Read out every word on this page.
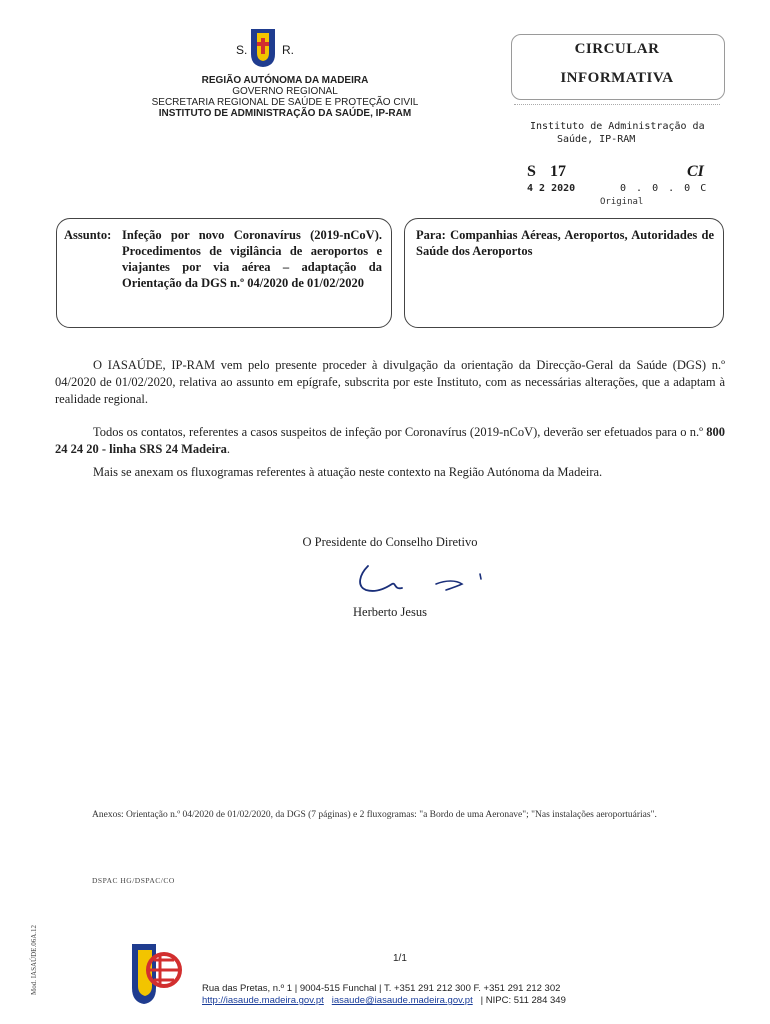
S.	R.
REGIÃO AUTÓNOMA DA MADEIRA
GOVERNO REGIONAL
SECRETARIA REGIONAL DE SAÚDE E PROTEÇÃO CIVIL
INSTITUTO DE ADMINISTRAÇÃO DA SAÚDE, IP-RAM
CIRCULAR
INFORMATIVA
Instituto de Administração da
Saúde, IP-RAM
S 17	CI
4 2 2020	0 . 0 . 0 C
Original
Assunto: Infeção por novo Coronavírus (2019-nCoV). Procedimentos de vigilância de aeroportos e viajantes por via aérea – adaptação da Orientação da DGS n.º 04/2020 de 01/02/2020
Para: Companhias Aéreas, Aeroportos, Autoridades de Saúde dos Aeroportos
O IASAÚDE, IP-RAM vem pelo presente proceder à divulgação da orientação da Direcção-Geral da Saúde (DGS) n.º 04/2020 de 01/02/2020, relativa ao assunto em epígrafe, subscrita por este Instituto, com as necessárias alterações, que a adaptam à realidade regional.
Todos os contatos, referentes a casos suspeitos de infeção por Coronavírus (2019-nCoV), deverão ser efetuados para o n.º 800 24 24 20 - linha SRS 24 Madeira.
Mais se anexam os fluxogramas referentes à atuação neste contexto na Região Autónoma da Madeira.
O Presidente do Conselho Diretivo
Herberto Jesus
Anexos: Orientação n.º 04/2020 de 01/02/2020, da DGS (7 páginas) e 2 fluxogramas: "a Bordo de uma Aeronave"; "Nas instalações aeroportuárias".
DSPAC HG/DSPAC/CO
Mod. IASAÚDE.06A.12	1/1
Rua das Pretas, n.º 1 | 9004-515 Funchal | T. +351 291 212 300 F. +351 291 212 302
http://iasaude.madeira.gov.pt iasaude@iasaude.madeira.gov.pt | NIPC: 511 284 349
